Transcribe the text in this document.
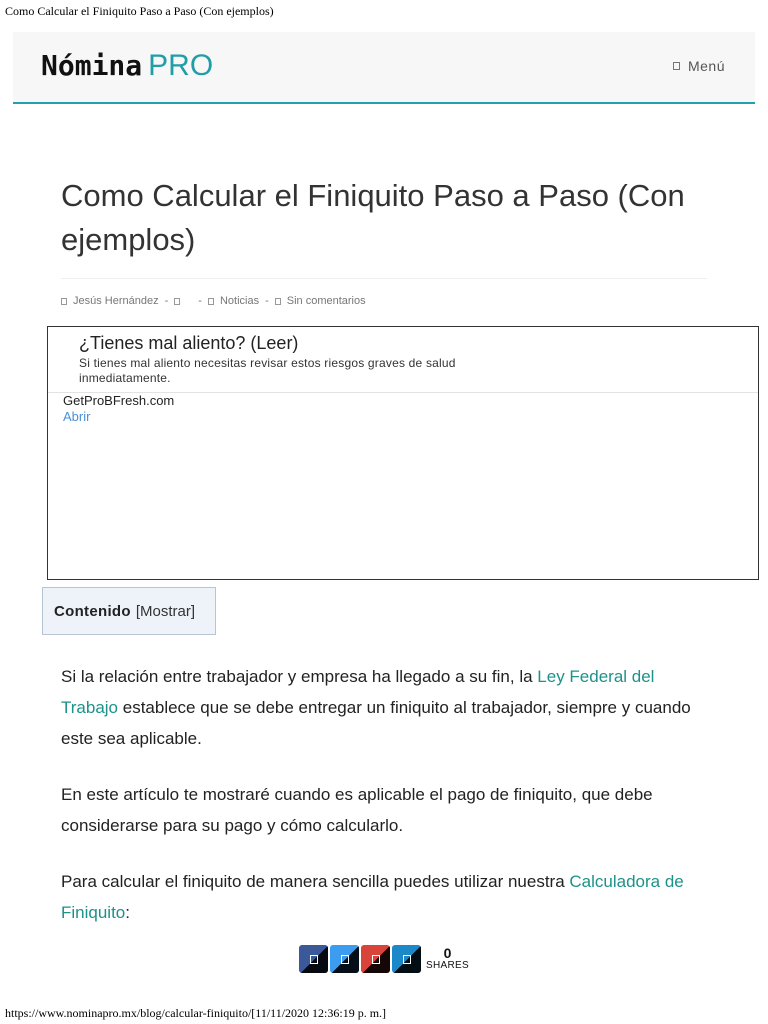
Como Calcular el Finiquito Paso a Paso (Con ejemplos)
Nómina PRO	Menú
Como Calcular el Finiquito Paso a Paso (Con ejemplos)
Jesús Hernández -	- Noticias - Sin comentarios
¿Tienes mal aliento? (Leer)
Si tienes mal aliento necesitas revisar estos riesgos graves de salud inmediatamente.
GetProBFresh.com
Abrir
Contenido [Mostrar]

Si la relación entre trabajador y empresa ha llegado a su fin, la Ley Federal del Trabajo establece que se debe entregar un finiquito al trabajador, siempre y cuando este sea aplicable.

En este artículo te mostraré cuando es aplicable el pago de finiquito, que debe considerarse para su pago y cómo calcularlo.

Para calcular el finiquito de manera sencilla puedes utilizar nuestra Calculadora de Finiquito:

0
SHARES
https://www.nominapro.mx/blog/calcular-finiquito/[11/11/2020 12:36:19 p. m.]
